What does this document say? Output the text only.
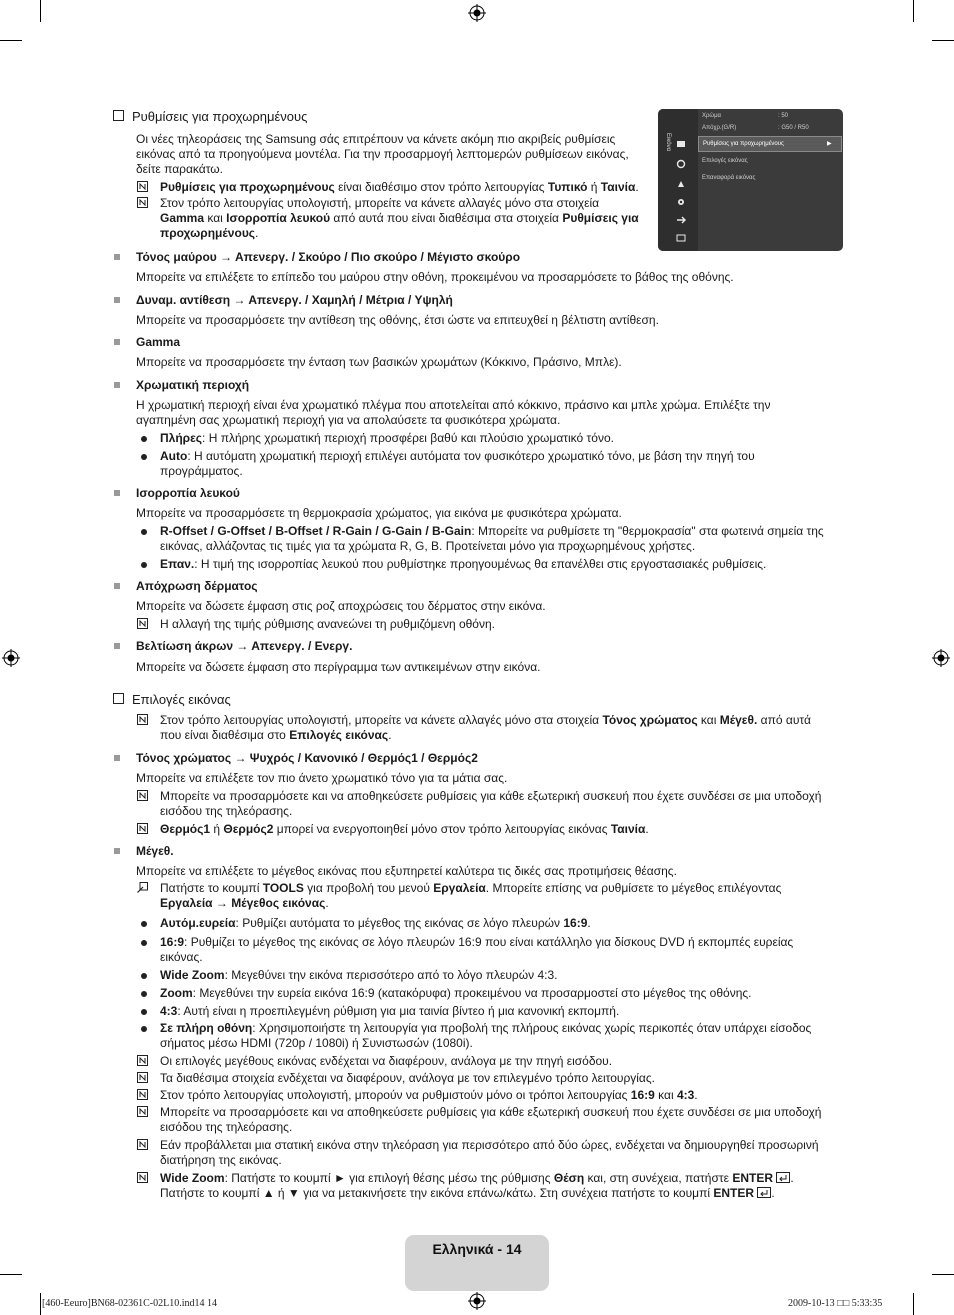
Εικόνα
Χρώμα	: 50
Απόχρ.(G/R)	: G50 / R50
Ρυθμίσεις για προχωρημένους	▶
Επιλογές εικόνας
Επαναφορά εικόνας
Ρυθμίσεις για προχωρημένους
Οι νέες τηλεοράσεις της Samsung σάς επιτρέπουν να κάνετε ακόμη πιο ακριβείς ρυθμίσεις εικόνας από τα προηγούμενα μοντέλα. Για την προσαρμογή λεπτομερών ρυθμίσεων εικόνας, δείτε παρακάτω.
Ρυθμίσεις για προχωρημένους είναι διαθέσιμο στον τρόπο λειτουργίας Τυπικό ή Ταινία.
Στον τρόπο λειτουργίας υπολογιστή, μπορείτε να κάνετε αλλαγές μόνο στα στοιχεία
Gamma και Ισορροπία λευκού από αυτά που είναι διαθέσιμα στα στοιχεία Ρυθμίσεις για
προχωρημένους.
Τόνος μαύρου → Απενεργ. / Σκούρο / Πιο σκούρο / Μέγιστο σκούρο
Μπορείτε να επιλέξετε το επίπεδο του μαύρου στην οθόνη, προκειμένου να προσαρμόσετε το βάθος της οθόνης.
Δυναμ. αντίθεση → Απενεργ. / Χαμηλή / Μέτρια / Υψηλή
Μπορείτε να προσαρμόσετε την αντίθεση της οθόνης, έτσι ώστε να επιτευχθεί η βέλτιστη αντίθεση.
Gamma
Μπορείτε να προσαρμόσετε την ένταση των βασικών χρωμάτων (Κόκκινο, Πράσινο, Μπλε).
Χρωματική περιοχή
Η χρωματική περιοχή είναι ένα χρωματικό πλέγμα που αποτελείται από κόκκινο, πράσινο και μπλε χρώμα. Επιλέξτε την
αγαπημένη σας χρωματική περιοχή για να απολαύσετε τα φυσικότερα χρώματα.
Πλήρες: Η πλήρης χρωματική περιοχή προσφέρει βαθύ και πλούσιο χρωματικό τόνο.
Auto: Η αυτόματη χρωματική περιοχή επιλέγει αυτόματα τον φυσικότερο χρωματικό τόνο, με βάση την πηγή του
προγράμματος.
Ισορροπία λευκού
Μπορείτε να προσαρμόσετε τη θερμοκρασία χρώματος, για εικόνα με φυσικότερα χρώματα.
R-Offset / G-Offset / B-Offset / R-Gain / G-Gain / B-Gain: Μπορείτε να ρυθμίσετε τη "θερμοκρασία" στα φωτεινά σημεία της
εικόνας, αλλάζοντας τις τιμές για τα χρώματα R, G, B. Προτείνεται μόνο για προχωρημένους χρήστες.
Επαν.: Η τιμή της ισορροπίας λευκού που ρυθμίστηκε προηγουμένως θα επανέλθει στις εργοστασιακές ρυθμίσεις.
Απόχρωση δέρματος
Μπορείτε να δώσετε έμφαση στις ροζ αποχρώσεις του δέρματος στην εικόνα.
Η αλλαγή της τιμής ρύθμισης ανανεώνει τη ρυθμιζόμενη οθόνη.
Βελτίωση άκρων → Απενεργ. / Ενεργ.
Μπορείτε να δώσετε έμφαση στο περίγραμμα των αντικειμένων στην εικόνα.
Επιλογές εικόνας
Στον τρόπο λειτουργίας υπολογιστή, μπορείτε να κάνετε αλλαγές μόνο στα στοιχεία Τόνος χρώματος και Μέγεθ. από αυτά
που είναι διαθέσιμα στο Επιλογές εικόνας.
Τόνος χρώματος → Ψυχρός / Κανονικό / Θερμός1 / Θερμός2
Μπορείτε να επιλέξετε τον πιο άνετο χρωματικό τόνο για τα μάτια σας.
Μπορείτε να προσαρμόσετε και να αποθηκεύσετε ρυθμίσεις για κάθε εξωτερική συσκευή που έχετε συνδέσει σε μια υποδοχή
εισόδου της τηλεόρασης.
Θερμός1 ή Θερμός2 μπορεί να ενεργοποιηθεί μόνο στον τρόπο λειτουργίας εικόνας Ταινία.
Μέγεθ.
Μπορείτε να επιλέξετε το μέγεθος εικόνας που εξυπηρετεί καλύτερα τις δικές σας προτιμήσεις θέασης.
Πατήστε το κουμπί TOOLS για προβολή του μενού Εργαλεία. Μπορείτε επίσης να ρυθμίσετε το μέγεθος επιλέγοντας
Εργαλεία → Μέγεθος εικόνας.
Αυτόμ.ευρεία: Ρυθμίζει αυτόματα το μέγεθος της εικόνας σε λόγο πλευρών 16:9.
16:9: Ρυθμίζει το μέγεθος της εικόνας σε λόγο πλευρών 16:9 που είναι κατάλληλο για δίσκους DVD ή εκπομπές ευρείας
εικόνας.
Wide Zoom: Μεγεθύνει την εικόνα περισσότερο από το λόγο πλευρών 4:3.
Zoom: Μεγεθύνει την ευρεία εικόνα 16:9 (κατακόρυφα) προκειμένου να προσαρμοστεί στο μέγεθος της οθόνης.
4:3: Αυτή είναι η προεπιλεγμένη ρύθμιση για μια ταινία βίντεο ή μια κανονική εκπομπή.
Σε πλήρη οθόνη: Χρησιμοποιήστε τη λειτουργία για προβολή της πλήρους εικόνας χωρίς περικοπές όταν υπάρχει είσοδος
σήματος μέσω HDMI (720p / 1080i) ή Συνιστωσών (1080i).
Οι επιλογές μεγέθους εικόνας ενδέχεται να διαφέρουν, ανάλογα με την πηγή εισόδου.
Τα διαθέσιμα στοιχεία ενδέχεται να διαφέρουν, ανάλογα με τον επιλεγμένο τρόπο λειτουργίας.
Στον τρόπο λειτουργίας υπολογιστή, μπορούν να ρυθμιστούν μόνο οι τρόποι λειτουργίας 16:9 και 4:3.
Μπορείτε να προσαρμόσετε και να αποθηκεύσετε ρυθμίσεις για κάθε εξωτερική συσκευή που έχετε συνδέσει σε μια υποδοχή
εισόδου της τηλεόρασης.
Εάν προβάλλεται μια στατική εικόνα στην τηλεόραση για περισσότερο από δύο ώρες, ενδέχεται να δημιουργηθεί προσωρινή
διατήρηση της εικόνας.
Wide Zoom: Πατήστε το κουμπί ► για επιλογή θέσης μέσω της ρύθμισης Θέση και, στη συνέχεια, πατήστε ENTER .
Πατήστε το κουμπί ▲ ή ▼ για να μετακινήσετε την εικόνα επάνω/κάτω. Στη συνέχεια πατήστε το κουμπί ENTER .
Ελληνικά - 14
[460-Eeuro]BN68-02361C-02L10.ind14 14	2009-10-13 □□ 5:33:35
